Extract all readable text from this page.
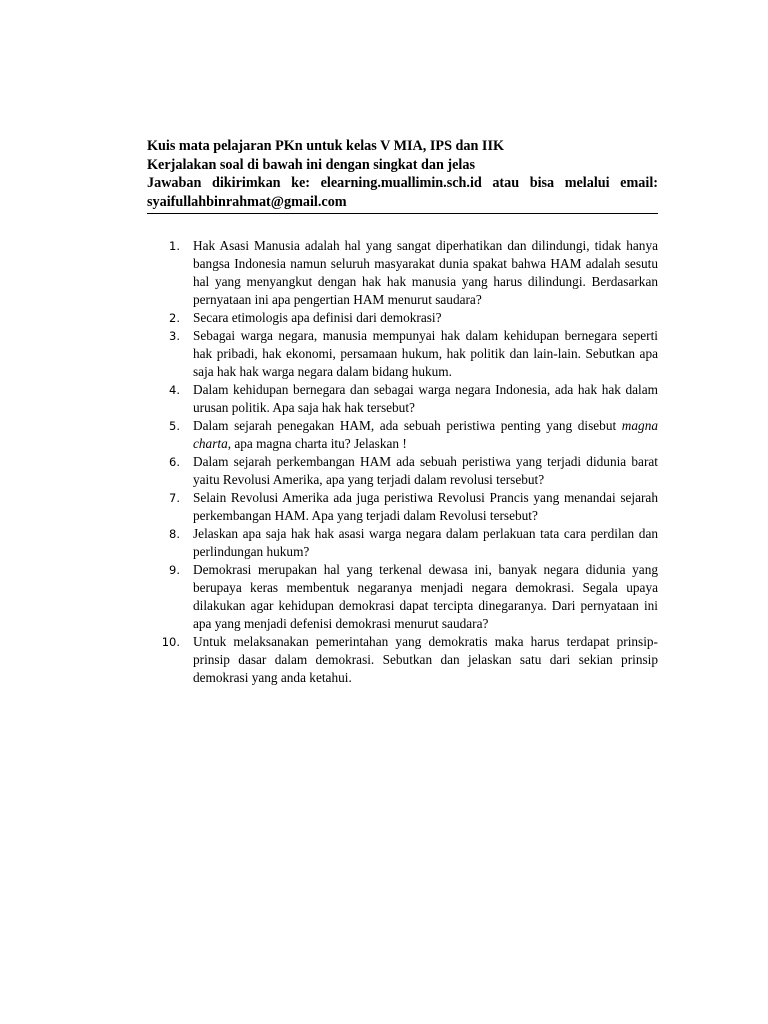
Kuis mata pelajaran PKn untuk kelas V MIA, IPS dan IIK
Kerjalakan soal di bawah ini dengan singkat dan jelas
Jawaban dikirimkan ke: elearning.muallimin.sch.id atau bisa melalui email:
syaifullahbinrahmat@gmail.com
1. Hak Asasi Manusia adalah hal yang sangat diperhatikan dan dilindungi, tidak hanya bangsa Indonesia namun seluruh masyarakat dunia spakat bahwa HAM adalah sesutu hal yang menyangkut dengan hak hak manusia yang harus dilindungi. Berdasarkan pernyataan ini apa pengertian HAM menurut saudara?
2. Secara etimologis apa definisi dari demokrasi?
3. Sebagai warga negara, manusia mempunyai hak dalam kehidupan bernegara seperti hak pribadi, hak ekonomi, persamaan hukum, hak politik dan lain-lain. Sebutkan apa saja hak hak warga negara dalam bidang hukum.
4. Dalam kehidupan bernegara dan sebagai warga negara Indonesia, ada hak hak dalam urusan politik. Apa saja hak hak tersebut?
5. Dalam sejarah penegakan HAM, ada sebuah peristiwa penting yang disebut magna charta, apa magna charta itu? Jelaskan !
6. Dalam sejarah perkembangan HAM ada sebuah peristiwa yang terjadi didunia barat yaitu Revolusi Amerika, apa yang terjadi dalam revolusi tersebut?
7. Selain Revolusi Amerika ada juga peristiwa Revolusi Prancis yang menandai sejarah perkembangan HAM. Apa yang terjadi dalam Revolusi tersebut?
8. Jelaskan apa saja hak hak asasi warga negara dalam perlakuan tata cara perdilan dan perlindungan hukum?
9. Demokrasi merupakan hal yang terkenal dewasa ini, banyak negara didunia yang berupaya keras membentuk negaranya menjadi negara demokrasi. Segala upaya dilakukan agar kehidupan demokrasi dapat tercipta dinegaranya. Dari pernyataan ini apa yang menjadi defenisi demokrasi menurut saudara?
10. Untuk melaksanakan pemerintahan yang demokratis maka harus terdapat prinsip-prinsip dasar dalam demokrasi. Sebutkan dan jelaskan satu dari sekian prinsip demokrasi yang anda ketahui.
